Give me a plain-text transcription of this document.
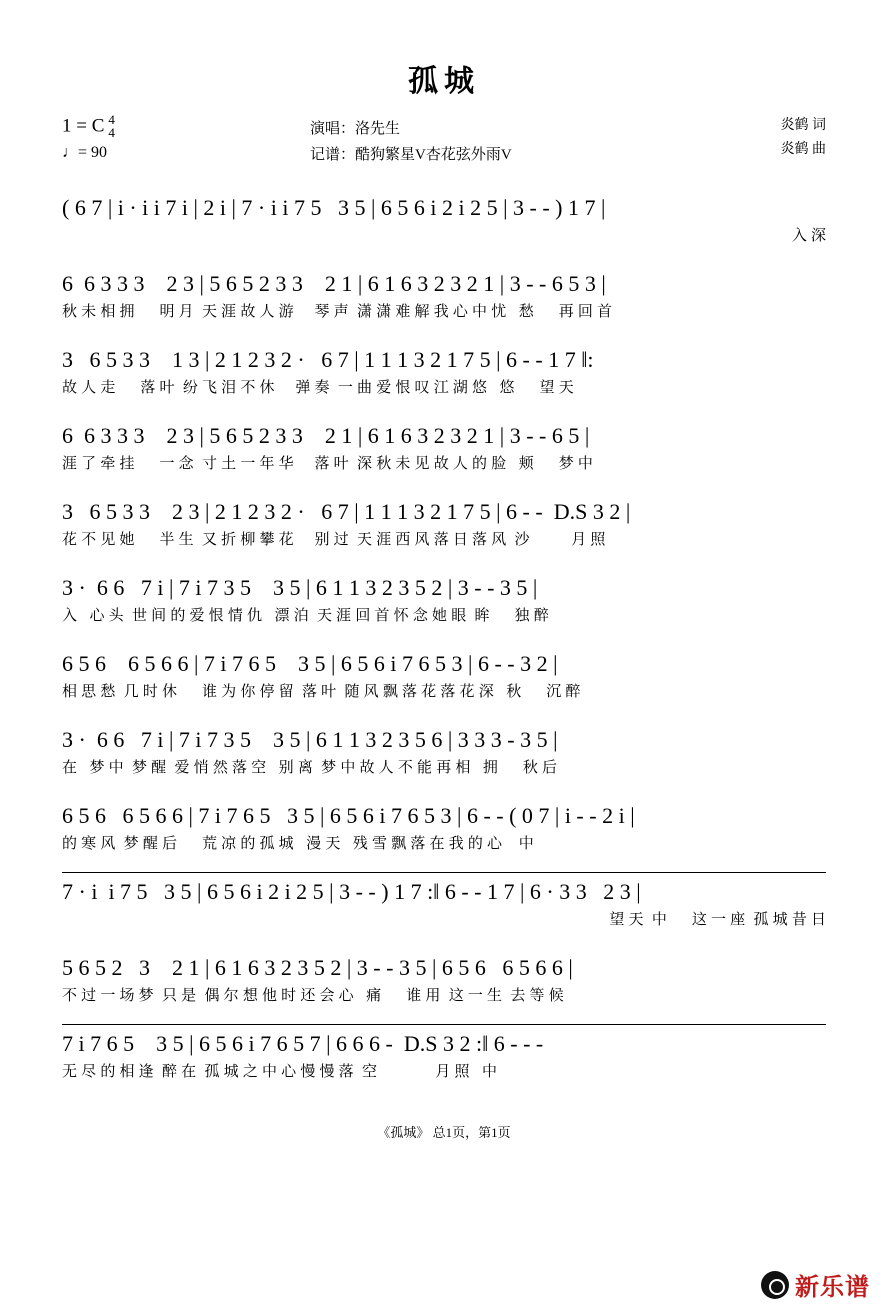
孤城
1 = C 4
4
♩= 90
演唱：洛先生
记谱：酷狗繁星V杏花弦外雨V
炎鹤 词
炎鹤 曲
( 6 7 | i · i i 7 i | 2 i | 7 · i i 7 5   3 5 | 6 5 6 i 2 i 2 5 | 3 - - ) 1 7 |
入 深
6  6 3 3 3    2 3 | 5 6 5 2 3 3    2 1 | 6 1 6 3 2 3 2 1 | 3 - - 6 5 3 |
秋 未 相 拥      明 月  天 涯 故 人 游     琴 声  潇 潇 难 解 我 心 中 忧   愁      再 回 首
3   6 5 3 3    1 3 | 2 1 2 3 2 ·   6 7 | 1 1 1 3 2 1 7 5 | 6 - - 1 7 ‖:
故 人 走      落 叶  纷 飞 泪 不 休     弹 奏  一 曲 爱 恨 叹 江 湖 悠   悠      望 天
6  6 3 3 3    2 3 | 5 6 5 2 3 3    2 1 | 6 1 6 3 2 3 2 1 | 3 - - 6 5 |
涯 了 牵 挂      一 念  寸 土 一 年 华     落 叶  深 秋 未 见 故 人 的 脸   颊      梦 中
3   6 5 3 3    2 3 | 2 1 2 3 2 ·   6 7 | 1 1 1 3 2 1 7 5 | 6 - -  D.S 3 2 |
花 不 见 她      半 生  又 折 柳 攀 花     别 过  天 涯 西 风 落 日 落 风  沙          月 照
3 ·  6 6   7 i | 7 i 7 3 5    3 5 | 6 1 1 3 2 3 5 2 | 3 - - 3 5 |
入   心 头  世 间 的 爱 恨 情 仇   漂 泊  天 涯 回 首 怀 念 她 眼  眸      独 醉
6 5 6    6 5 6 6 | 7 i 7 6 5    3 5 | 6 5 6 i 7 6 5 3 | 6 - - 3 2 |
相 思 愁  几 时 休      谁 为 你 停 留  落 叶  随 风 飘 落 花 落 花 深   秋      沉 醉
3 ·  6 6   7 i | 7 i 7 3 5    3 5 | 6 1 1 3 2 3 5 6 | 3 3 3 - 3 5 |
在   梦 中  梦 醒  爱 悄 然 落 空   别 离  梦 中 故 人 不 能 再 相   拥      秋 后
6 5 6   6 5 6 6 | 7 i 7 6 5   3 5 | 6 5 6 i 7 6 5 3 | 6 - - ( 0 7 | i - - 2 i |
的 寒 风  梦 醒 后      荒 凉 的 孤 城   漫 天   残 雪 飘 落 在 我 的 心    中
7 · i  i 7 5   3 5 | 6 5 6 i 2 i 2 5 | 3 - - ) 1 7 :‖ 6 - - 1 7 | 6 · 3 3   2 3 |
望 天  中      这 一 座  孤 城 昔 日
5 6 5 2   3    2 1 | 6 1 6 3 2 3 5 2 | 3 - - 3 5 | 6 5 6   6 5 6 6 |
不 过 一 场 梦  只 是  偶 尔 想 他 时 还 会 心   痛      谁 用  这 一 生  去 等 候
7 i 7 6 5    3 5 | 6 5 6 i 7 6 5 7 | 6 6 6 -  D.S 3 2 :‖ 6 - - -
无 尽 的 相 逢  醉 在  孤 城 之 中 心 慢 慢 落  空              月 照   中
《孤城》 总1页，第1页
新乐谱
